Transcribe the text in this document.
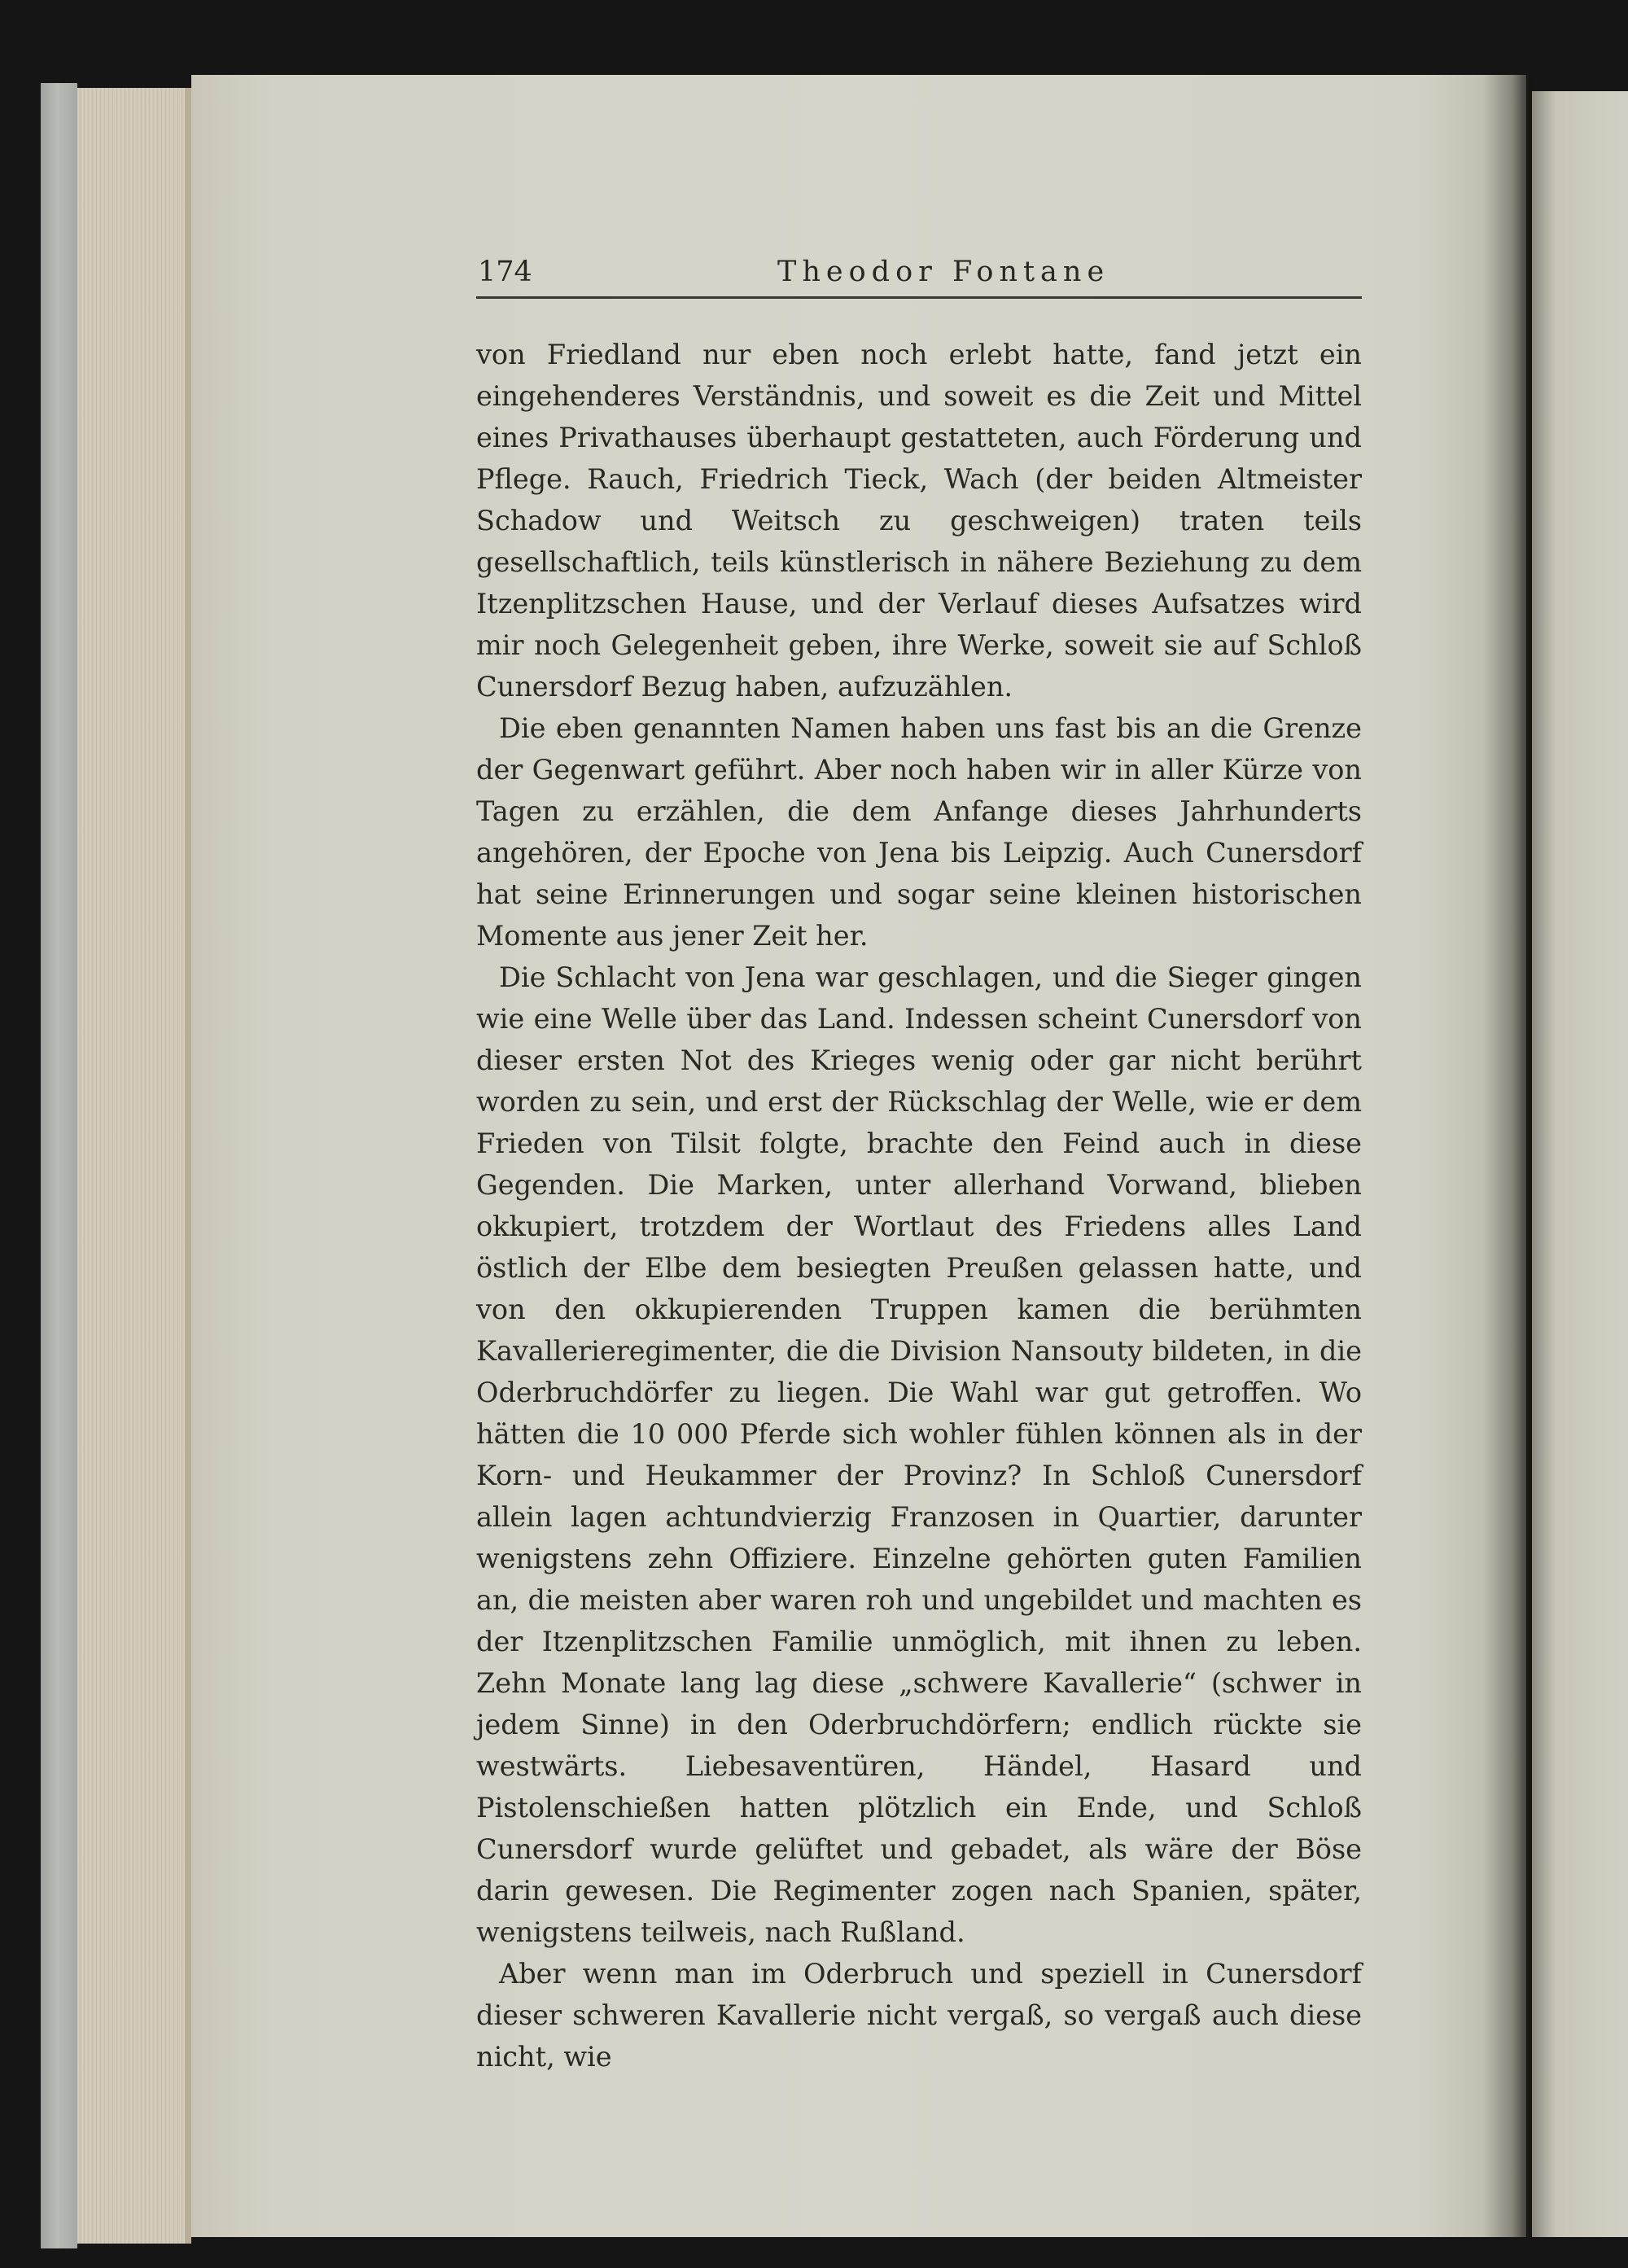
174	Theodor Fontane

von Friedland nur eben noch erlebt hatte, fand jetzt ein eingehenderes Verständnis, und soweit es die Zeit und Mittel eines Privathauses überhaupt gestatteten, auch Förderung und Pflege. Rauch, Friedrich Tieck, Wach (der beiden Altmeister Schadow und Weitsch zu geschweigen) traten teils gesellschaftlich, teils künstlerisch in nähere Beziehung zu dem Itzenplitzschen Hause, und der Verlauf dieses Aufsatzes wird mir noch Gelegenheit geben, ihre Werke, soweit sie auf Schloß Cunersdorf Bezug haben, aufzuzählen.

Die eben genannten Namen haben uns fast bis an die Grenze der Gegenwart geführt. Aber noch haben wir in aller Kürze von Tagen zu erzählen, die dem Anfange dieses Jahrhunderts angehören, der Epoche von Jena bis Leipzig. Auch Cunersdorf hat seine Erinnerungen und sogar seine kleinen historischen Momente aus jener Zeit her.

Die Schlacht von Jena war geschlagen, und die Sieger gingen wie eine Welle über das Land. Indessen scheint Cunersdorf von dieser ersten Not des Krieges wenig oder gar nicht berührt worden zu sein, und erst der Rückschlag der Welle, wie er dem Frieden von Tilsit folgte, brachte den Feind auch in diese Gegenden. Die Marken, unter allerhand Vorwand, blieben okkupiert, trotzdem der Wortlaut des Friedens alles Land östlich der Elbe dem besiegten Preußen gelassen hatte, und von den okkupierenden Truppen kamen die berühmten Kavallerieregimenter, die die Division Nansouty bildeten, in die Oderbruchdörfer zu liegen. Die Wahl war gut getroffen. Wo hätten die 10 000 Pferde sich wohler fühlen können als in der Korn- und Heukammer der Provinz? In Schloß Cunersdorf allein lagen achtundvierzig Franzosen in Quartier, darunter wenigstens zehn Offiziere. Einzelne gehörten guten Familien an, die meisten aber waren roh und ungebildet und machten es der Itzenplitzschen Familie unmöglich, mit ihnen zu leben. Zehn Monate lang lag diese „schwere Kavallerie“ (schwer in jedem Sinne) in den Oderbruchdörfern; endlich rückte sie westwärts. Liebesaventüren, Händel, Hasard und Pistolenschießen hatten plötzlich ein Ende, und Schloß Cunersdorf wurde gelüftet und gebadet, als wäre der Böse darin gewesen. Die Regimenter zogen nach Spanien, später, wenigstens teilweis, nach Rußland.

Aber wenn man im Oderbruch und speziell in Cunersdorf dieser schweren Kavallerie nicht vergaß, so vergaß auch diese nicht, wie
